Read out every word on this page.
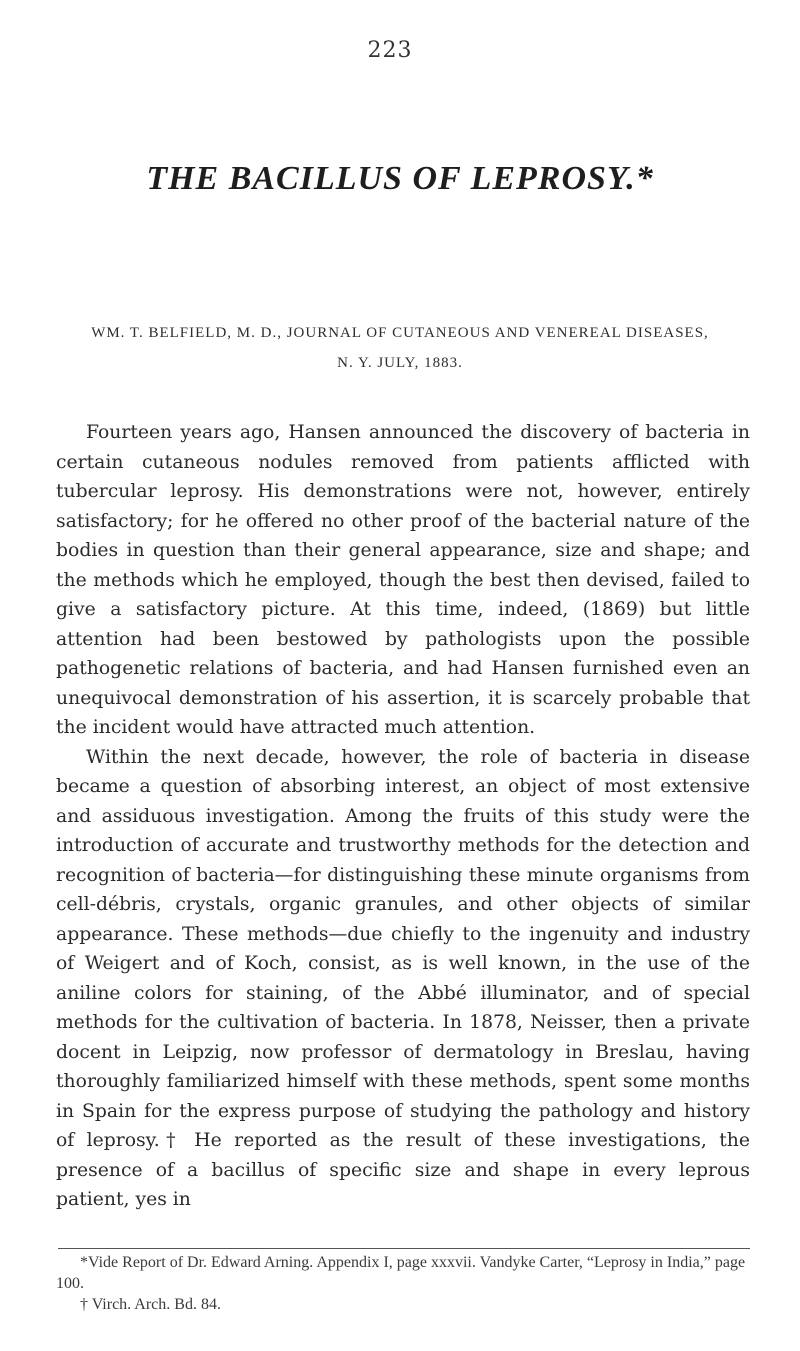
223
THE BACILLUS OF LEPROSY.*
WM. T. BELFIELD, M. D., JOURNAL OF CUTANEOUS AND VENEREAL DISEASES, N. Y. JULY, 1883.

Fourteen years ago, Hansen announced the discovery of bacteria in certain cutaneous nodules removed from patients afflicted with tubercular leprosy. His demonstrations were not, however, entirely satisfactory; for he offered no other proof of the bacterial nature of the bodies in question than their general appearance, size and shape; and the methods which he employed, though the best then devised, failed to give a satisfactory picture. At this time, indeed, (1869) but little attention had been bestowed by pathologists upon the possible pathogenetic relations of bacteria, and had Hansen furnished even an unequivocal demonstration of his assertion, it is scarcely probable that the incident would have attracted much attention.

Within the next decade, however, the role of bacteria in disease became a question of absorbing interest, an object of most extensive and assiduous investigation. Among the fruits of this study were the introduction of accurate and trustworthy methods for the detection and recognition of bacteria—for distinguishing these minute organisms from cell-débris, crystals, organic granules, and other objects of similar appearance. These methods—due chiefly to the ingenuity and industry of Weigert and of Koch, consist, as is well known, in the use of the aniline colors for staining, of the Abbé illuminator, and of special methods for the cultivation of bacteria. In 1878, Neisser, then a private docent in Leipzig, now professor of dermatology in Breslau, having thoroughly familiarized himself with these methods, spent some months in Spain for the express purpose of studying the pathology and history of leprosy.† He reported as the result of these investigations, the presence of a bacillus of specific size and shape in every leprous patient, yes in

*Vide Report of Dr. Edward Arning. Appendix I, page xxxvii. Vandyke Carter, “Leprosy in India,” page 100.

† Virch. Arch. Bd. 84.
